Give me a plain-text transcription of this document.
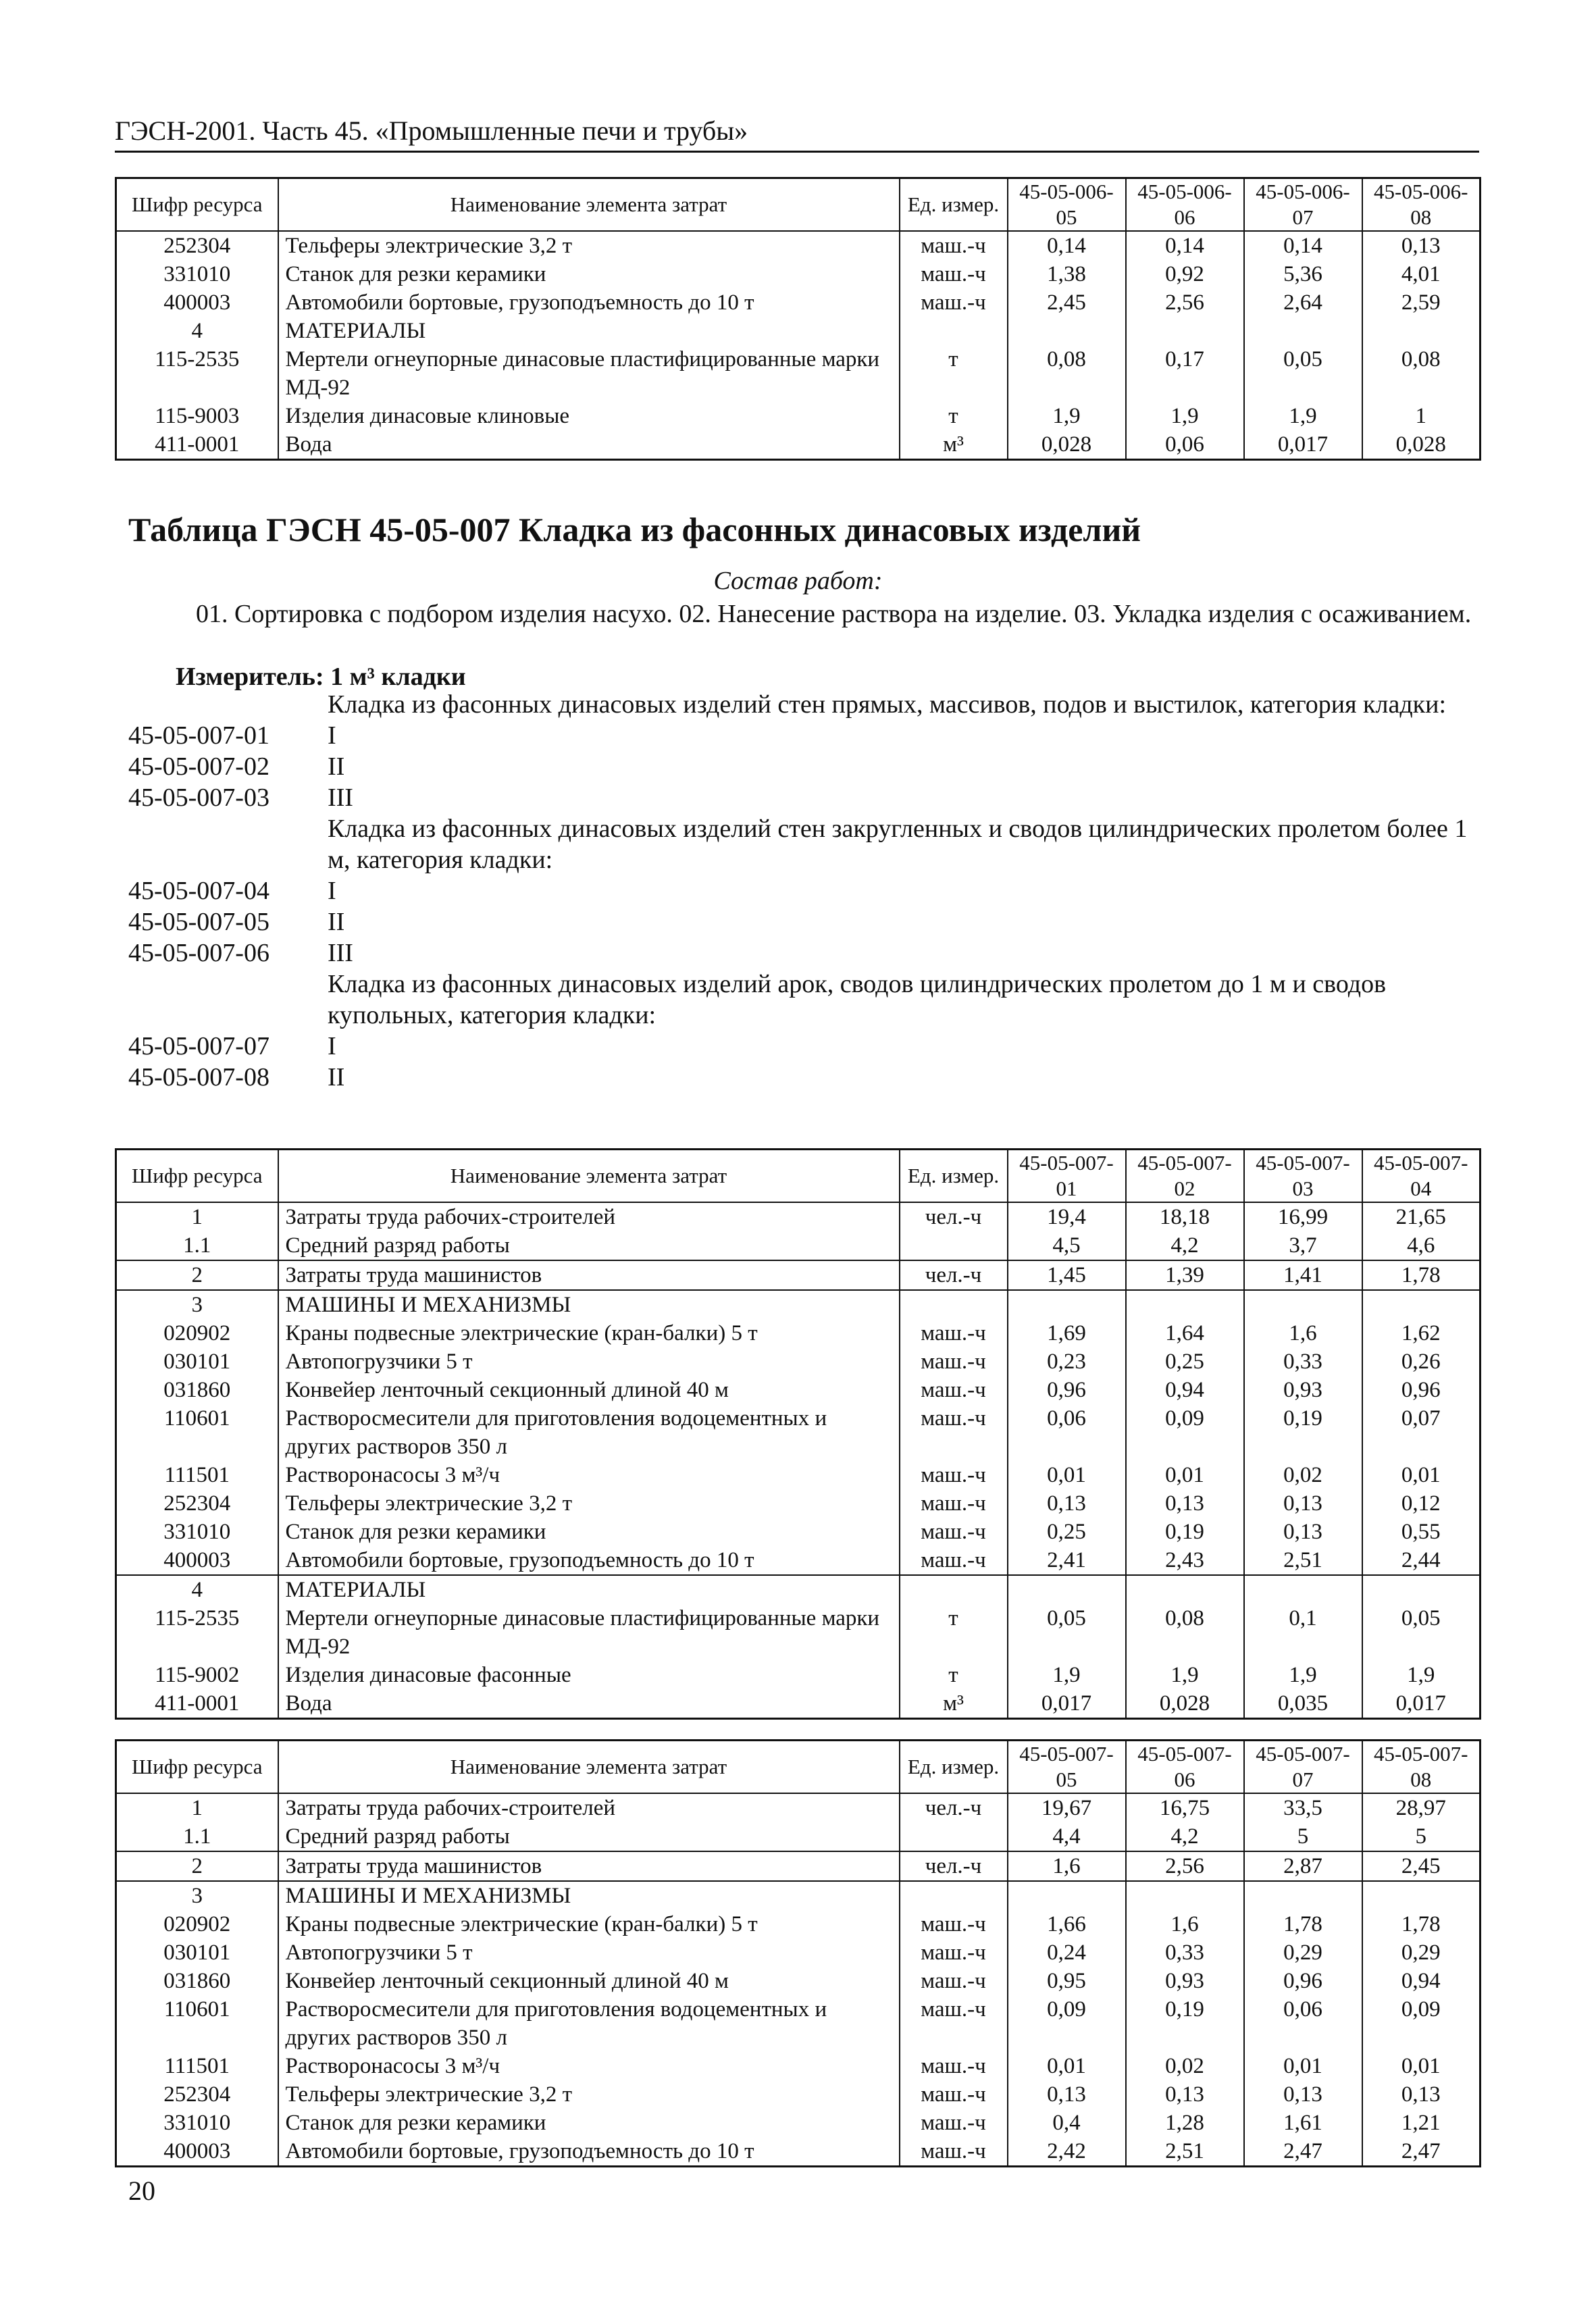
ГЭСН-2001. Часть 45. «Промышленные печи и трубы»
Шифр ресурса	Наименование элемента затрат	Ед. измер.	45-05-006-05	45-05-006-06	45-05-006-07	45-05-006-08
252304	Тельферы электрические 3,2 т	маш.-ч	0,14	0,14	0,14	0,13
331010	Станок для резки керамики	маш.-ч	1,38	0,92	5,36	4,01
400003	Автомобили бортовые, грузоподъемность до 10 т	маш.-ч	2,45	2,56	2,64	2,59
4	МАТЕРИАЛЫ					
115-2535	Мертели огнеупорные динасовые пластифицированные марки МД-92	т	0,08	0,17	0,05	0,08
115-9003	Изделия динасовые клиновые	т	1,9	1,9	1,9	1
411-0001	Вода	м³	0,028	0,06	0,017	0,028
Таблица ГЭСН 45-05-007 Кладка из фасонных динасовых изделий
Состав работ:
01. Сортировка с подбором изделия насухо. 02. Нанесение раствора на изделие. 03. Укладка изделия с осаживанием.
Измеритель: 1 м³ кладки
Кладка из фасонных динасовых изделий стен прямых, массивов, подов и выстилок, категория кладки:
45-05-007-01	I
45-05-007-02	II
45-05-007-03	III
Кладка из фасонных динасовых изделий стен закругленных и сводов цилиндрических пролетом более 1 м, категория кладки:
45-05-007-04	I
45-05-007-05	II
45-05-007-06	III
Кладка из фасонных динасовых изделий арок, сводов цилиндрических пролетом до 1 м и сводов купольных, категория кладки:
45-05-007-07	I
45-05-007-08	II
Шифр ресурса	Наименование элемента затрат	Ед. измер.	45-05-007-01	45-05-007-02	45-05-007-03	45-05-007-04
1	Затраты труда рабочих-строителей	чел.-ч	19,4	18,18	16,99	21,65
1.1	Средний разряд работы		4,5	4,2	3,7	4,6
2	Затраты труда машинистов	чел.-ч	1,45	1,39	1,41	1,78
3	МАШИНЫ И МЕХАНИЗМЫ					
020902	Краны подвесные электрические (кран-балки) 5 т	маш.-ч	1,69	1,64	1,6	1,62
030101	Автопогрузчики 5 т	маш.-ч	0,23	0,25	0,33	0,26
031860	Конвейер ленточный секционный длиной 40 м	маш.-ч	0,96	0,94	0,93	0,96
110601	Растворосмесители для приготовления водоцементных и других растворов 350 л	маш.-ч	0,06	0,09	0,19	0,07
111501	Растворонасосы 3 м³/ч	маш.-ч	0,01	0,01	0,02	0,01
252304	Тельферы электрические 3,2 т	маш.-ч	0,13	0,13	0,13	0,12
331010	Станок для резки керамики	маш.-ч	0,25	0,19	0,13	0,55
400003	Автомобили бортовые, грузоподъемность до 10 т	маш.-ч	2,41	2,43	2,51	2,44
4	МАТЕРИАЛЫ					
115-2535	Мертели огнеупорные динасовые пластифицированные марки МД-92	т	0,05	0,08	0,1	0,05
115-9002	Изделия динасовые фасонные	т	1,9	1,9	1,9	1,9
411-0001	Вода	м³	0,017	0,028	0,035	0,017
Шифр ресурса	Наименование элемента затрат	Ед. измер.	45-05-007-05	45-05-007-06	45-05-007-07	45-05-007-08
1	Затраты труда рабочих-строителей	чел.-ч	19,67	16,75	33,5	28,97
1.1	Средний разряд работы		4,4	4,2	5	5
2	Затраты труда машинистов	чел.-ч	1,6	2,56	2,87	2,45
3	МАШИНЫ И МЕХАНИЗМЫ					
020902	Краны подвесные электрические (кран-балки) 5 т	маш.-ч	1,66	1,6	1,78	1,78
030101	Автопогрузчики 5 т	маш.-ч	0,24	0,33	0,29	0,29
031860	Конвейер ленточный секционный длиной 40 м	маш.-ч	0,95	0,93	0,96	0,94
110601	Растворосмесители для приготовления водоцементных и других растворов 350 л	маш.-ч	0,09	0,19	0,06	0,09
111501	Растворонасосы 3 м³/ч	маш.-ч	0,01	0,02	0,01	0,01
252304	Тельферы электрические 3,2 т	маш.-ч	0,13	0,13	0,13	0,13
331010	Станок для резки керамики	маш.-ч	0,4	1,28	1,61	1,21
400003	Автомобили бортовые, грузоподъемность до 10 т	маш.-ч	2,42	2,51	2,47	2,47
20
